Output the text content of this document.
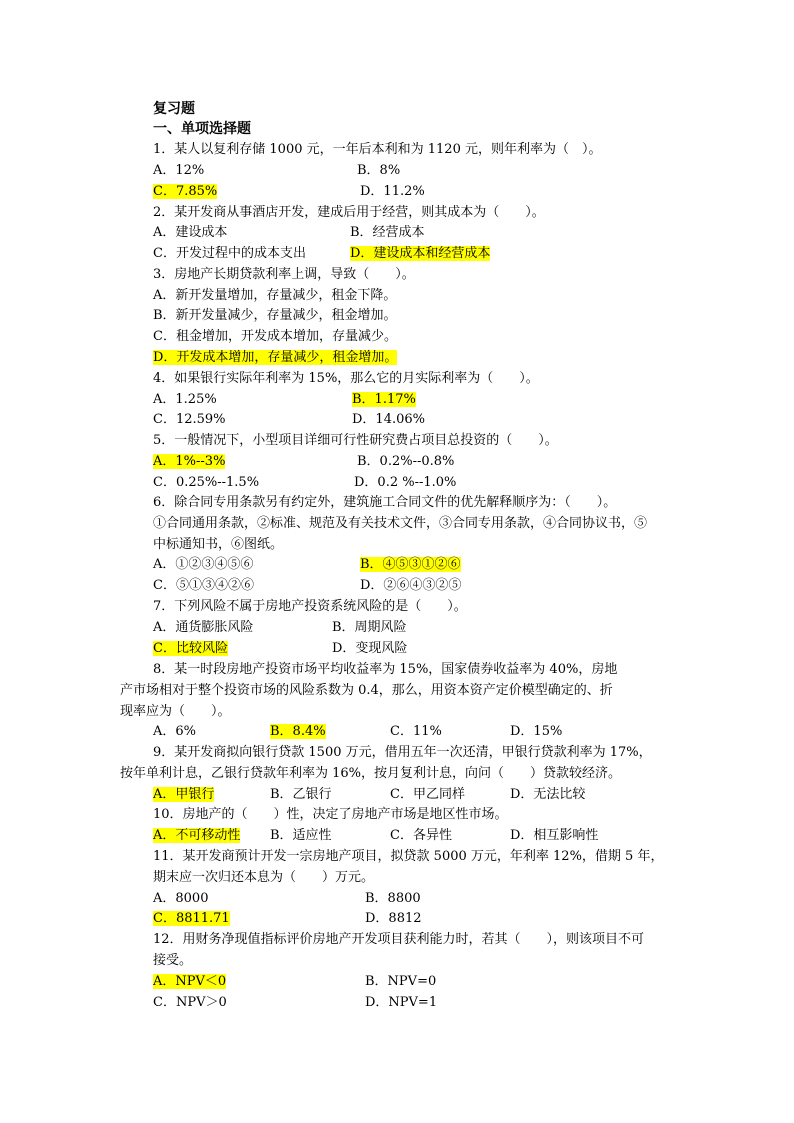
复习题
一、单项选择题
1．某人以复利存储 1000 元，一年后本利和为 1120 元，则年利率为（　）。
A．12%	B．8%
C．7.85%	D．11.2%
2．某开发商从事酒店开发，建成后用于经营，则其成本为（　　）。
A．建设成本	B．经营成本
C．开发过程中的成本支出	D．建设成本和经营成本
3．房地产长期贷款利率上调，导致（　　）。
A．新开发量增加，存量减少，租金下降。
B．新开发量减少，存量减少，租金增加。
C．租金增加，开发成本增加，存量减少。
D．开发成本增加，存量减少，租金增加。
4．如果银行实际年利率为 15%，那么它的月实际利率为（　　）。
A．1.25%	B．1.17%
C．12.59%	D．14.06%
5．一般情况下，小型项目详细可行性研究费占项目总投资的（　　）。
A．1%--3%	B．0.2%--0.8%
C．0.25%--1.5%	D．0.2 %--1.0%
6．除合同专用条款另有约定外，建筑施工合同文件的优先解释顺序为：（　　）。
①合同通用条款，②标准、规范及有关技术文件，③合同专用条款，④合同协议书，⑤
中标通知书，⑥图纸。
A．①②③④⑤⑥	B．④⑤③①②⑥
C．⑤①③④②⑥	D．②⑥④③②⑤
7．下列风险不属于房地产投资系统风险的是（　　）。
A．通货膨胀风险	B．周期风险
C．比较风险	D．变现风险
8．某一时段房地产投资市场平均收益率为 15%，国家债券收益率为 40%，房地
产市场相对于整个投资市场的风险系数为 0.4，那么，用资本资产定价模型确定的、折
现率应为（　　）。
A．6%	B．8.4%	C．11%	D．15%
9．某开发商拟向银行贷款 1500 万元，借用五年一次还清，甲银行贷款利率为 17%，
按年单利计息，乙银行贷款年利率为 16%，按月复利计息，向问（　　）贷款较经济。
A．甲银行	B．乙银行	C．甲乙同样	D．无法比较
10．房地产的（　　）性，决定了房地产市场是地区性市场。
A．不可移动性 B．适应性	C．各异性	D．相互影响性
11．某开发商预计开发一宗房地产项目，拟贷款 5000 万元，年利率 12%，借期 5 年，
期末应一次归还本息为（　　）万元。
A．8000	B．8800
C．8811.71	D．8812
12．用财务净现值指标评价房地产开发项目获利能力时，若其（　　），则该项目不可
接受。
A．NPV＜0	B．NPV=0
C．NPV＞0	D．NPV=1
